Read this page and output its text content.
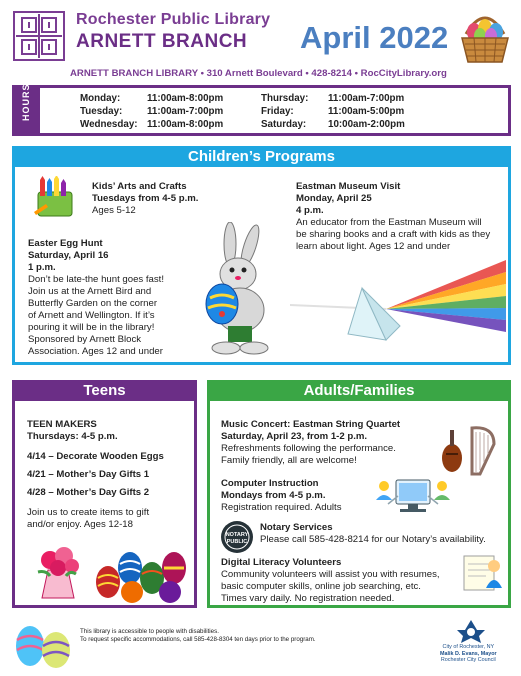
Rochester Public Library
ARNETT BRANCH April 2022
ARNETT BRANCH LIBRARY • 310 Arnett Boulevard • 428-8214 • RocCityLibrary.org
HOURS	Monday:	11:00am-8:00pm
Tuesday:	11:00am-7:00pm
Wednesday: 11:00am-8:00pm
Thursday: 11:00am-7:00pm
Friday:	11:00am-5:00pm
Saturday: 10:00am-2:00pm
Children’s Programs
Kids’ Arts and Crafts
Tuesdays from 4-5 p.m.
Ages 5-12
Easter Egg Hunt
Saturday, April 16
1 p.m.
Don’t be late-the hunt goes fast!
Join us at the Arnett Bird and
Butterfly Garden on the corner
of Arnett and Wellington. If it’s
pouring it will be in the library!
Sponsored by Arnett Block
Association. Ages 12 and under
Eastman Museum Visit
Monday, April 25
4 p.m.
An educator from the Eastman Museum will
be sharing books and a craft with kids as they
learn about light. Ages 12 and under
Teens
TEEN MAKERS
Thursdays: 4-5 p.m.
4/14 – Decorate Wooden Eggs
4/21 – Mother’s Day Gifts 1
4/28 – Mother’s Day Gifts 2
Join us to create items to gift
and/or enjoy. Ages 12-18
Adults/Families
Music Concert: Eastman String Quartet
Saturday, April 23, from 1-2 p.m.
Refreshments following the performance.
Family friendly, all are welcome!
Computer Instruction
Mondays from 4-5 p.m.
Registration required. Adults
NOTARY
PUBLIC
Notary Services
Please call 585-428-8214 for our Notary’s availability.
Digital Literacy Volunteers
Community volunteers will assist you with resumes,
basic computer skills, online job searching, etc.
Times vary daily. No registration needed.
This library is accessible to people with disabilities.
To request specific accommodations, call 585-428-8304 ten days prior to the program.
City of Rochester, NY
Malik D. Evans, Mayor
Rochester City Council
